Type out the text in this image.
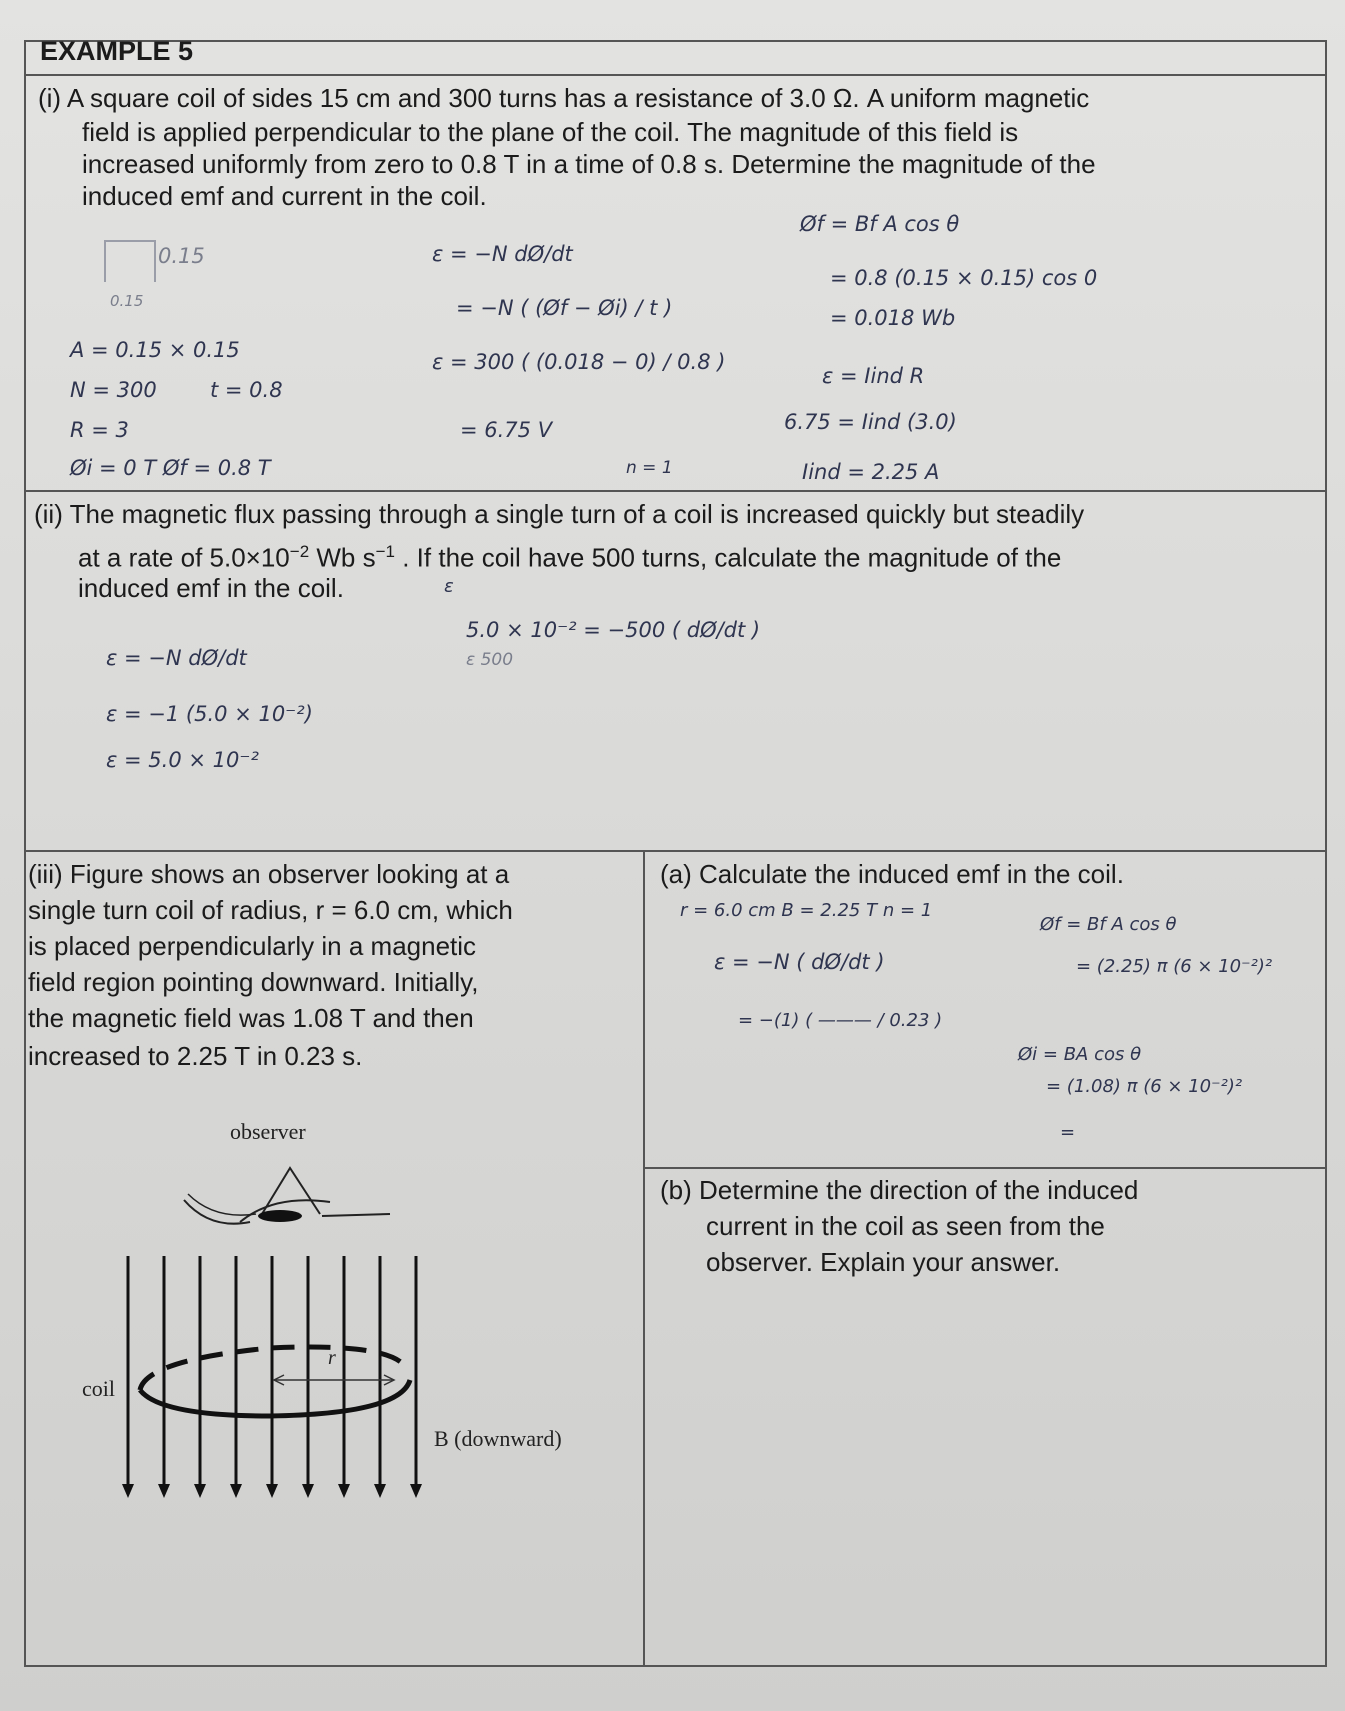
EXAMPLE 5
(i) A square coil of sides 15 cm and 300 turns has a resistance of 3.0 Ω. A uniform magnetic
field is applied perpendicular to the plane of the coil. The magnitude of this field is
increased uniformly from zero to 0.8 T in a time of 0.8 s. Determine the magnitude of the
induced emf and current in the coil.
0.15
0.15
A = 0.15 × 0.15
N = 300	t = 0.8
R = 3
Øi = 0 T Øf = 0.8 T
ε = −N dØ/dt
= −N ( (Øf − Øi) / t )
ε = 300 ( (0.018 − 0) / 0.8 )
= 6.75 V
n = 1
Øf = Bf A cos θ
= 0.8 (0.15 × 0.15) cos 0
= 0.018 Wb
ε = Iind R
6.75 = Iind (3.0)
Iind = 2.25 A
(ii) The magnetic flux passing through a single turn of a coil is increased quickly but steadily
at a rate of $5.0\times 10^{-2}$ Wb $s^{-1}$ . If the coil have 500 turns, calculate the magnitude of the
induced emf in the coil.	ε
ε = −N dØ/dt
ε = −1 (5.0 × 10⁻²)
ε = 5.0 × 10⁻²
5.0 × 10⁻² = −500 ( dØ/dt )
ε 500
(iii) Figure shows an observer looking at a
single turn coil of radius, r = 6.0 cm, which
is placed perpendicularly in a magnetic
field region pointing downward. Initially,
the magnetic field was 1.08 T and then
increased to 2.25 T in 0.23 s.
observer
r
coil
B (downward)
(a) Calculate the induced emf in the coil.
r = 6.0 cm B = 2.25 T n = 1
ε = −N ( dØ/dt )
= −(1) ( ——— / 0.23 )
Øf = Bf A cos θ
= (2.25) π (6 × 10⁻²)²
Øi = BA cos θ
= (1.08) π (6 × 10⁻²)²
=
(b) Determine the direction of the induced
current in the coil as seen from the
observer. Explain your answer.
